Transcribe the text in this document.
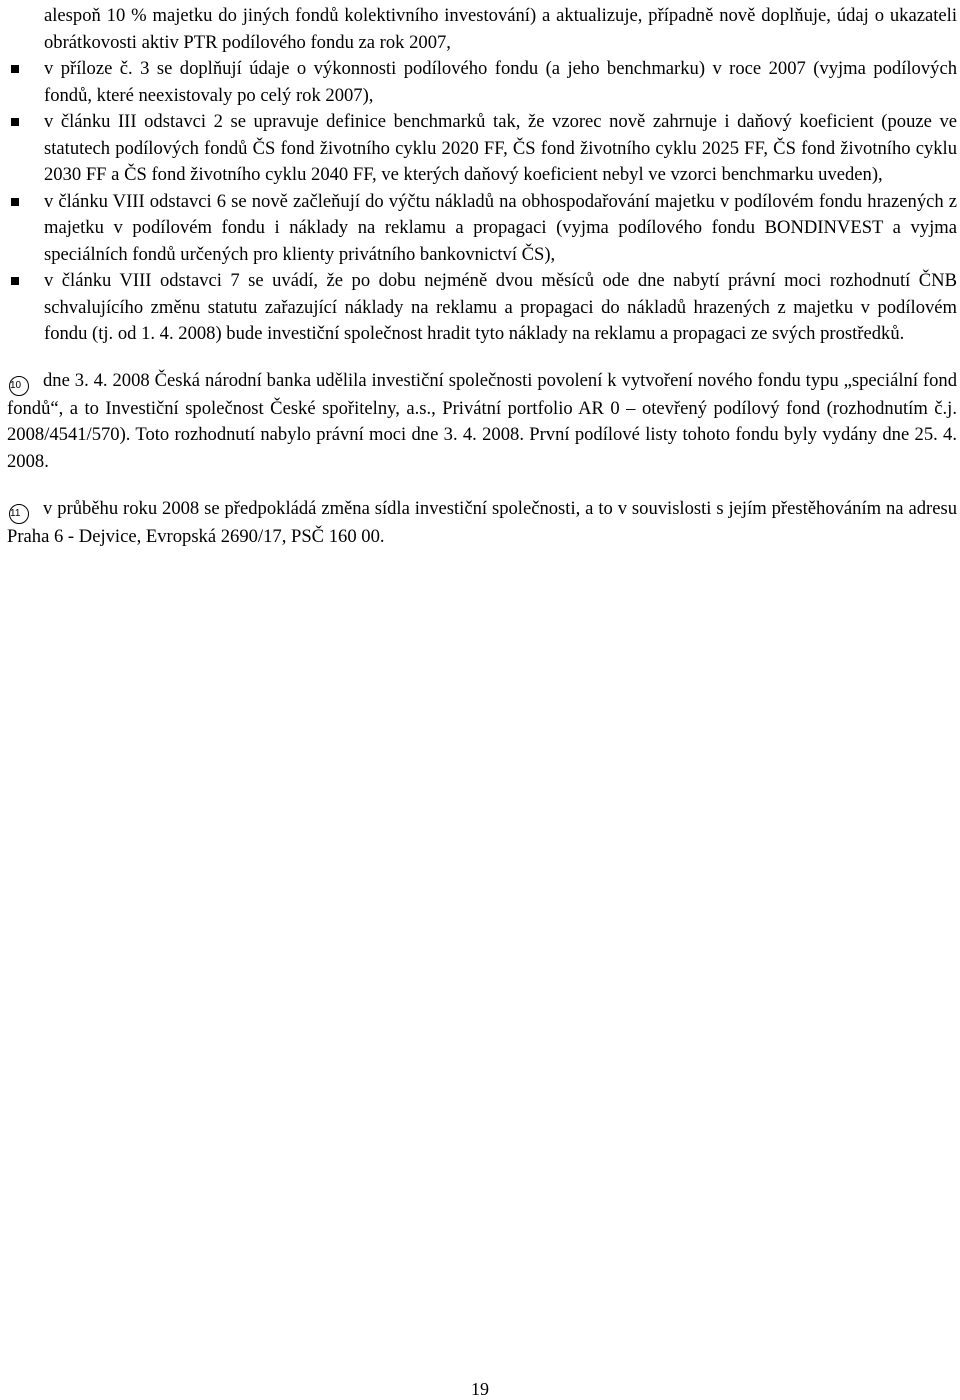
alespoň 10 % majetku do jiných fondů kolektivního investování) a aktualizuje, případně nově doplňuje, údaj o ukazateli obrátkovosti aktiv PTR podílového fondu za rok 2007,

v příloze č. 3 se doplňují údaje o výkonnosti podílového fondu (a jeho benchmarku) v roce 2007 (vyjma podílových fondů, které neexistovaly po celý rok 2007),
v článku III odstavci 2 se upravuje definice benchmarků tak, že vzorec nově zahrnuje i daňový koeficient (pouze ve statutech podílových fondů ČS fond životního cyklu 2020 FF, ČS fond životního cyklu 2025 FF, ČS fond životního cyklu 2030 FF a ČS fond životního cyklu 2040 FF, ve kterých daňový koeficient nebyl ve vzorci benchmarku uveden),
v článku VIII odstavci 6 se nově začleňují do výčtu nákladů na obhospodařování majetku v podílovém fondu hrazených z majetku v podílovém fondu i náklady na reklamu a propagaci (vyjma podílového fondu BONDINVEST a vyjma speciálních fondů určených pro klienty privátního bankovnictví ČS),
v článku VIII odstavci 7 se uvádí, že po dobu nejméně dvou měsíců ode dne nabytí právní moci rozhodnutí ČNB schvalujícího změnu statutu zařazující náklady na reklamu a propagaci do nákladů hrazených z majetku v podílovém fondu (tj. od 1. 4. 2008) bude investiční společnost hradit tyto náklady na reklamu a propagaci ze svých prostředků.

10 dne 3. 4. 2008 Česká národní banka udělila investiční společnosti povolení k vytvoření nového fondu typu „speciální fond fondů“, a to Investiční společnost České spořitelny, a.s., Privátní portfolio AR 0 – otevřený podílový fond (rozhodnutím č.j. 2008/4541/570). Toto rozhodnutí nabylo právní moci dne 3. 4. 2008. První podílové listy tohoto fondu byly vydány dne 25. 4. 2008.

11 v průběhu roku 2008 se předpokládá změna sídla investiční společnosti, a to v souvislosti s jejím přestěhováním na adresu Praha 6 - Dejvice, Evropská 2690/17, PSČ 160 00.

19
